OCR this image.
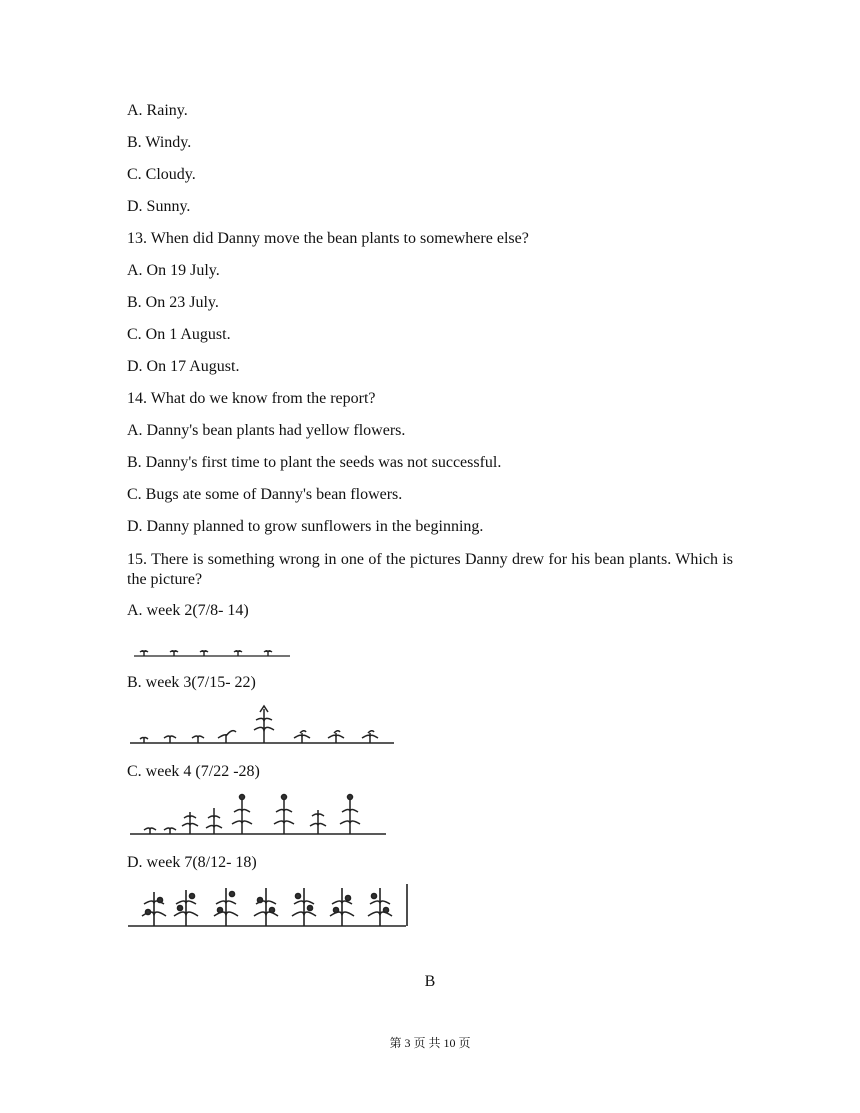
A. Rainy.
B. Windy.
C. Cloudy.
D. Sunny.
13. When did Danny move the bean plants to somewhere else?
A. On 19 July.
B. On 23 July.
C. On 1 August.
D. On 17 August.
14. What do we know from the report?
A. Danny's bean plants had yellow flowers.
B. Danny's first time to plant the seeds was not successful.
C. Bugs ate some of Danny's bean flowers.
D. Danny planned to grow sunflowers in the beginning.
15. There is something wrong in one of the pictures Danny drew for his bean plants. Which is the picture?
A. week 2(7/8- 14)
B. week 3(7/15- 22)
C. week 4 (7/22 -28)
D. week 7(8/12- 18)
B
第 3 页 共 10 页
